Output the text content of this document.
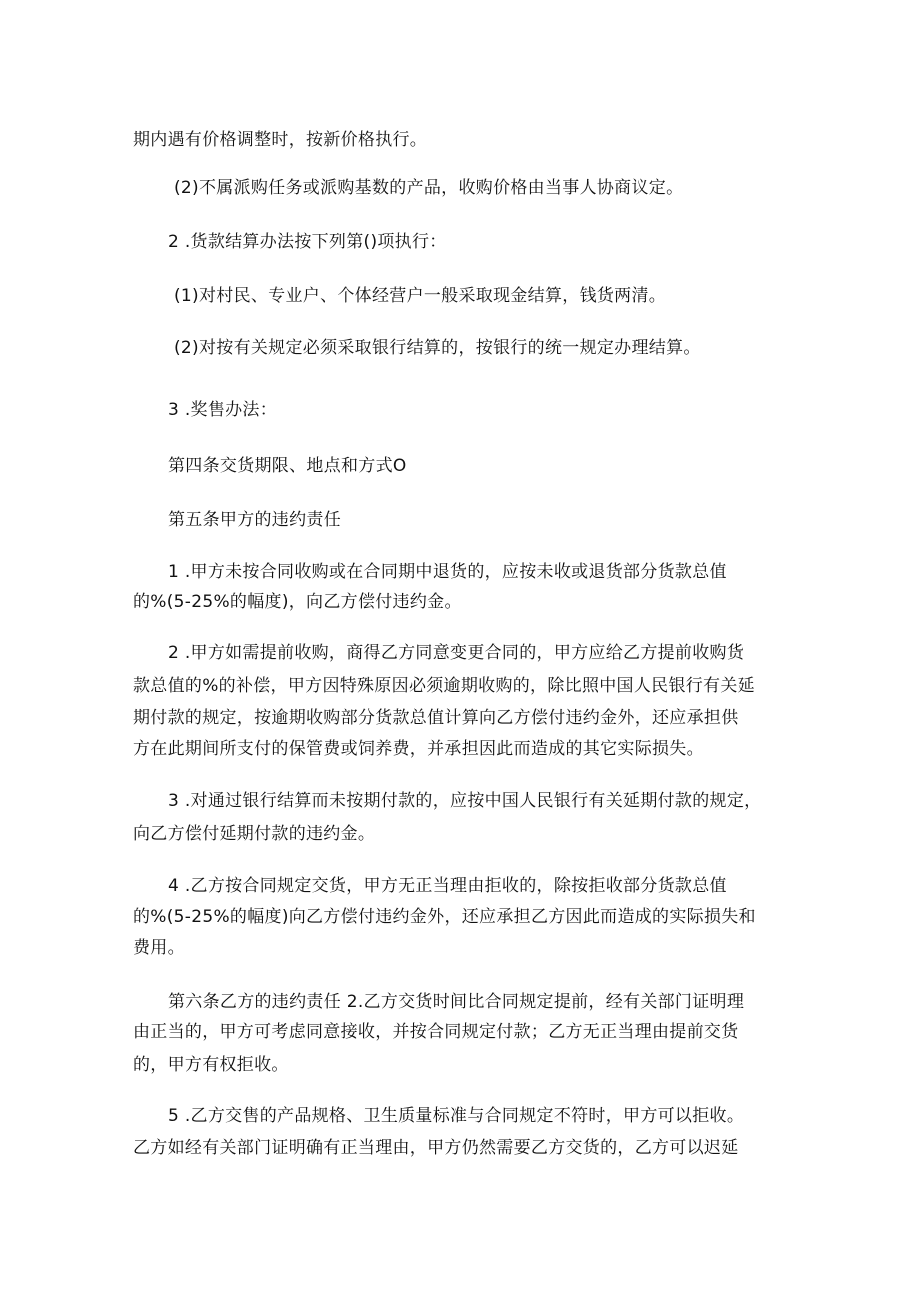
期内遇有价格调整时，按新价格执行。
(2)不属派购任务或派购基数的产品，收购价格由当事人协商议定。
2 .货款结算办法按下列第()项执行：
(1)对村民、专业户、个体经营户一般采取现金结算，钱货两清。
(2)对按有关规定必须采取银行结算的，按银行的统一规定办理结算。
3 .奖售办法：
第四条交货期限、地点和方式O
第五条甲方的违约责任
1 .甲方未按合同收购或在合同期中退货的，应按未收或退货部分货款总值
的%(5-25%的幅度)，向乙方偿付违约金。
2 .甲方如需提前收购，商得乙方同意变更合同的，甲方应给乙方提前收购货
款总值的%的补偿，甲方因特殊原因必须逾期收购的，除比照中国人民银行有关延
期付款的规定，按逾期收购部分货款总值计算向乙方偿付违约金外，还应承担供
方在此期间所支付的保管费或饲养费，并承担因此而造成的其它实际损失。
3 .对通过银行结算而未按期付款的，应按中国人民银行有关延期付款的规定，
向乙方偿付延期付款的违约金。
4 .乙方按合同规定交货，甲方无正当理由拒收的，除按拒收部分货款总值
的%(5-25%的幅度)向乙方偿付违约金外，还应承担乙方因此而造成的实际损失和
费用。
第六条乙方的违约责任 2.乙方交货时间比合同规定提前，经有关部门证明理
由正当的，甲方可考虑同意接收，并按合同规定付款；乙方无正当理由提前交货
的，甲方有权拒收。
5 .乙方交售的产品规格、卫生质量标准与合同规定不符时，甲方可以拒收。
乙方如经有关部门证明确有正当理由，甲方仍然需要乙方交货的，乙方可以迟延
